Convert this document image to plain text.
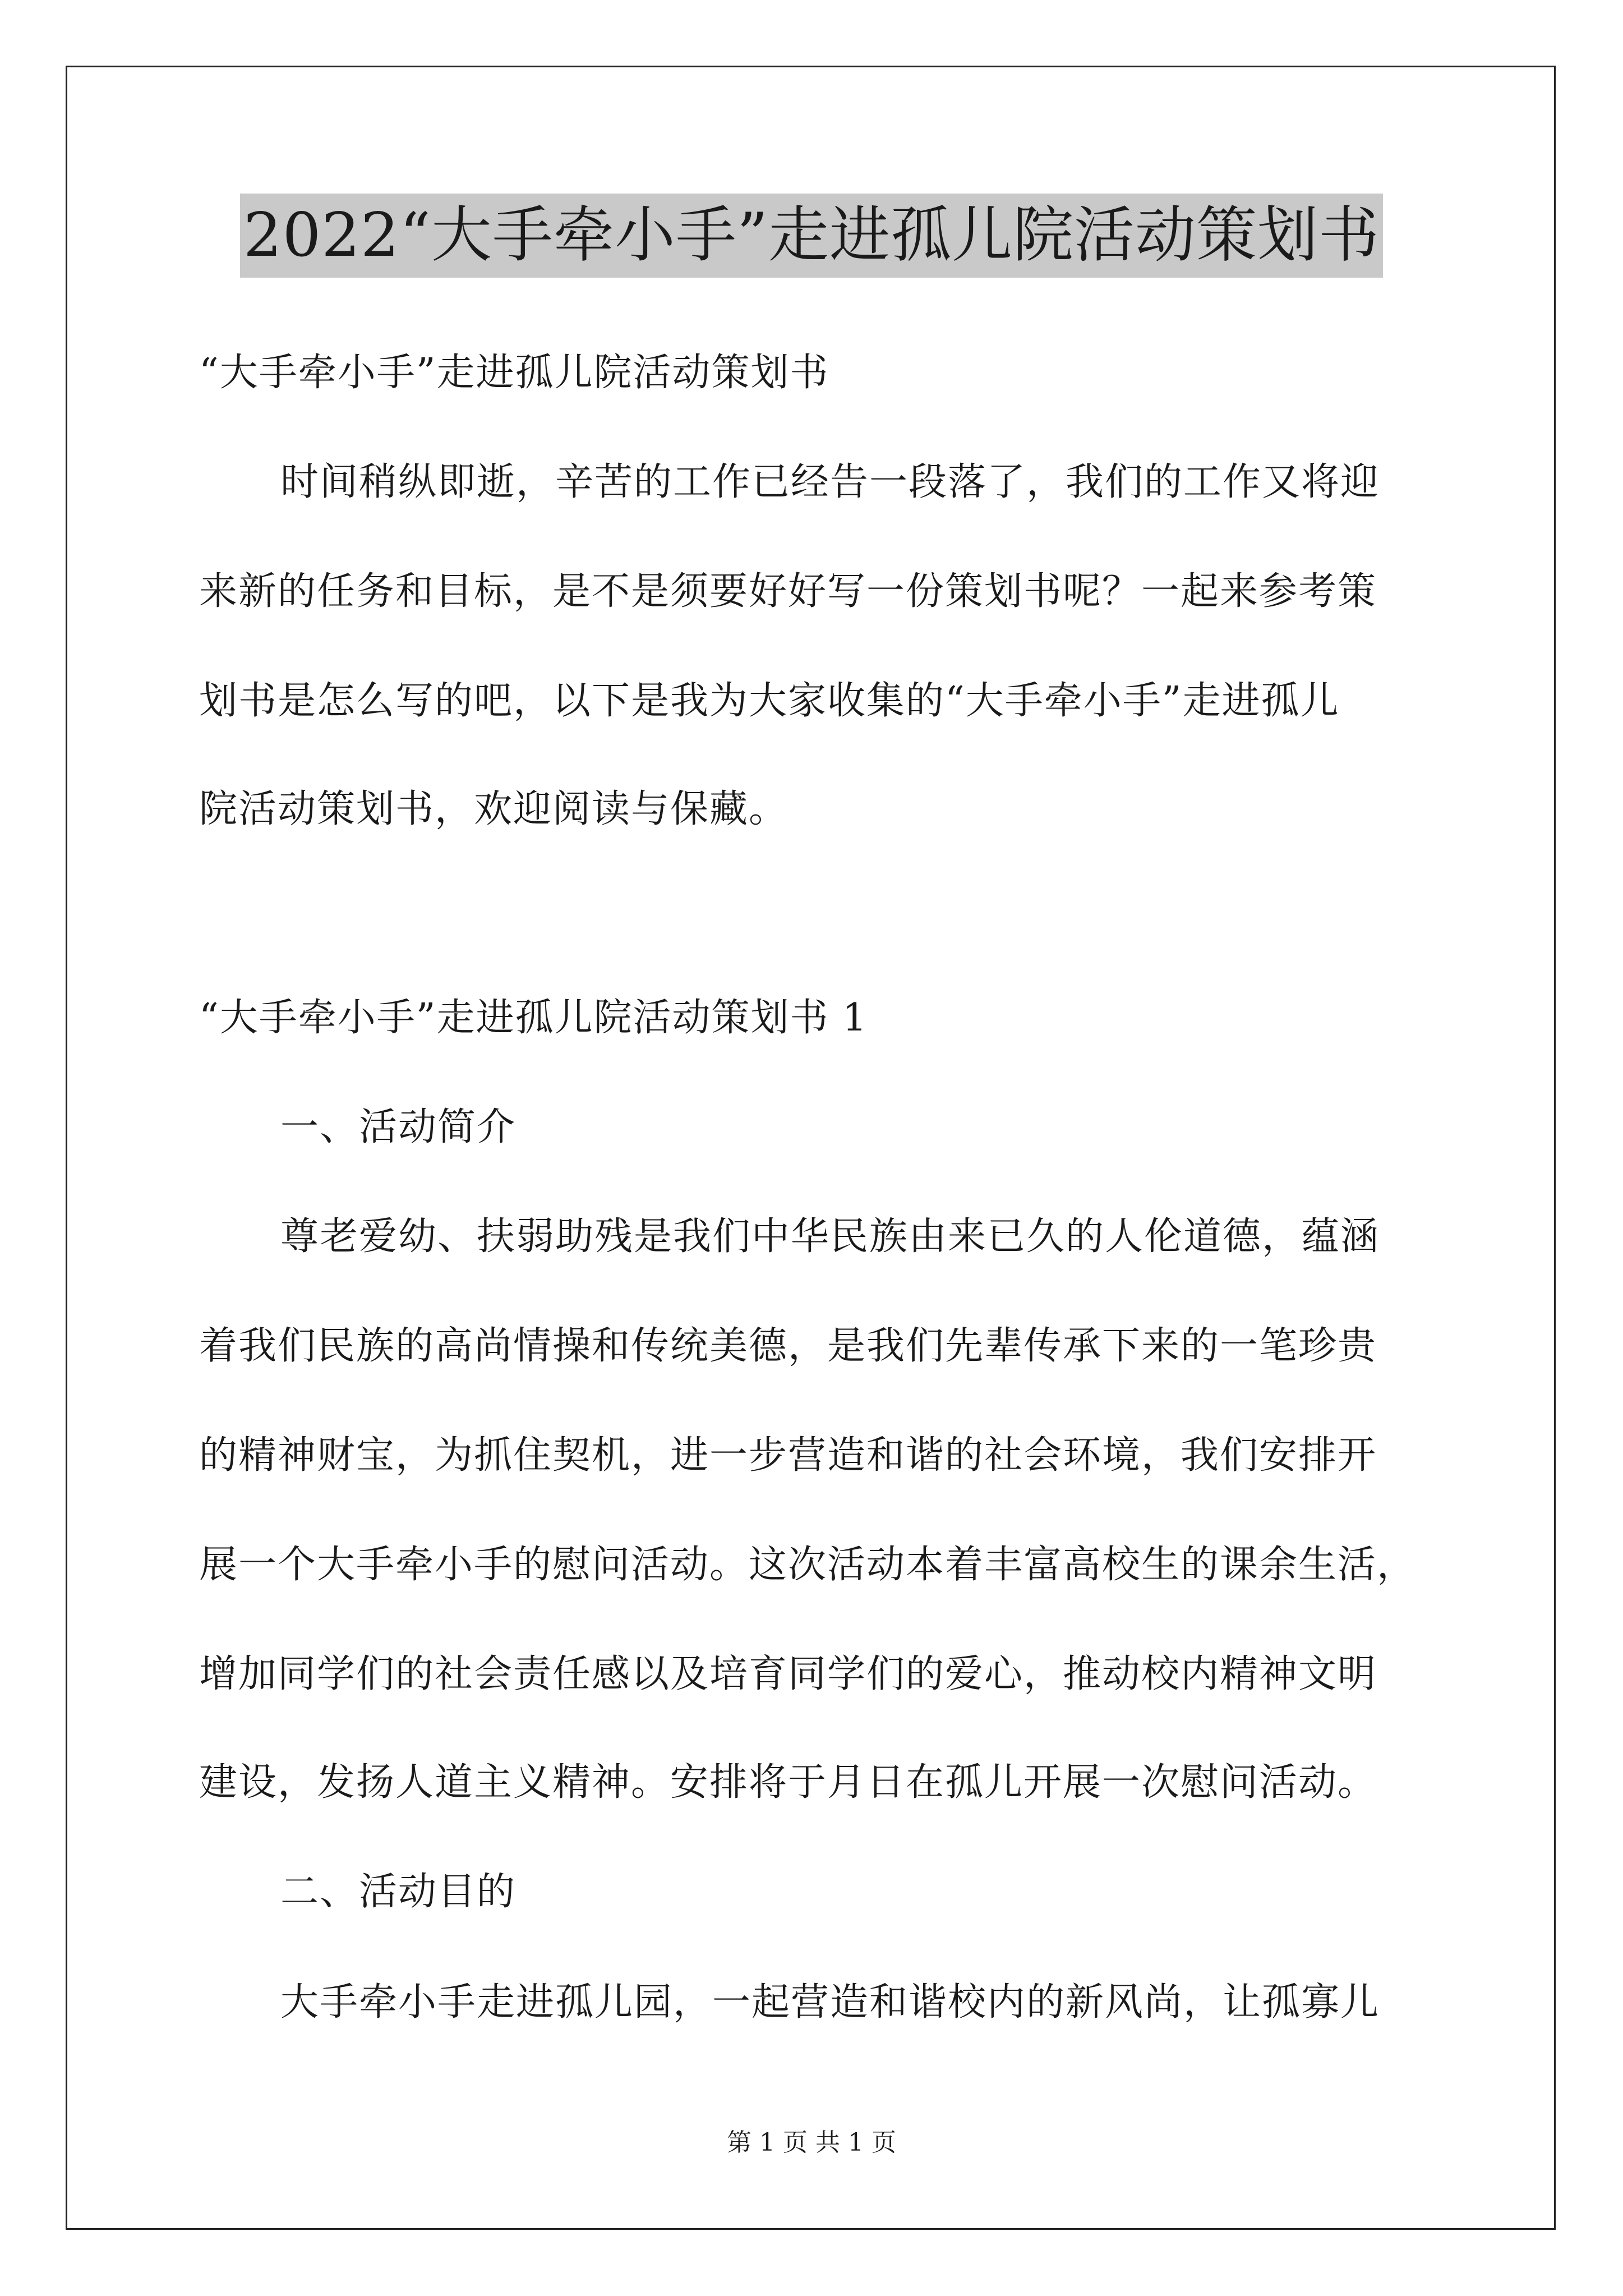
2022“大手牵小手”走进孤儿院活动策划书
“大手牵小手”走进孤儿院活动策划书
时间稍纵即逝，辛苦的工作已经告一段落了，我们的工作又将迎
来新的任务和目标，是不是须要好好写一份策划书呢？一起来参考策
划书是怎么写的吧，以下是我为大家收集的“大手牵小手”走进孤儿
院活动策划书，欢迎阅读与保藏。
“大手牵小手”走进孤儿院活动策划书 1
一、活动简介
尊老爱幼、扶弱助残是我们中华民族由来已久的人伦道德，蕴涵
着我们民族的高尚情操和传统美德，是我们先辈传承下来的一笔珍贵
的精神财宝，为抓住契机，进一步营造和谐的社会环境，我们安排开
展一个大手牵小手的慰问活动。这次活动本着丰富高校生的课余生活，
增加同学们的社会责任感以及培育同学们的爱心，推动校内精神文明
建设，发扬人道主义精神。安排将于月日在孤儿开展一次慰问活动。
二、活动目的
大手牵小手走进孤儿园，一起营造和谐校内的新风尚，让孤寡儿
第 1 页 共 1 页
